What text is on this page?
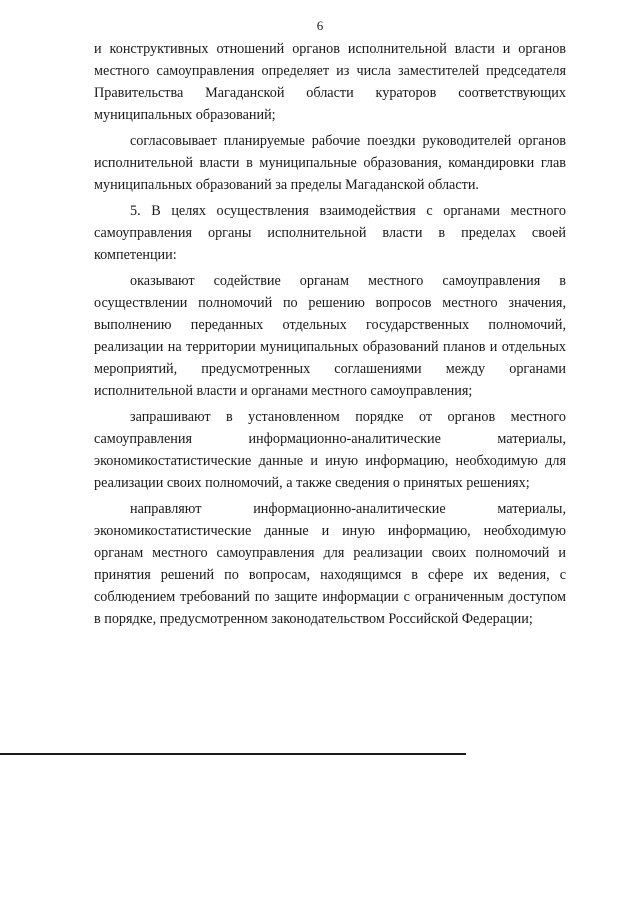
6

и конструктивных отношений органов исполнительной власти и органов местного самоуправления определяет из числа заместителей председателя Правительства Магаданской области кураторов соответствующих муниципальных образований;

согласовывает планируемые рабочие поездки руководителей органов исполнительной власти в муниципальные образования, командировки глав муниципальных образований за пределы Магаданской области.

5. В целях осуществления взаимодействия с органами местного самоуправления органы исполнительной власти в пределах своей компетенции:

оказывают содействие органам местного самоуправления в осуществлении полномочий по решению вопросов местного значения, выполнению переданных отдельных государственных полномочий, реализации на территории муниципальных образований планов и отдельных мероприятий, предусмотренных соглашениями между органами исполнительной власти и органами местного самоуправления;

запрашивают в установленном порядке от органов местного самоуправления информационно-аналитические материалы, экономикостатистические данные и иную информацию, необходимую для реализации своих полномочий, а также сведения о принятых решениях;

направляют информационно-аналитические материалы, экономикостатистические данные и иную информацию, необходимую органам местного самоуправления для реализации своих полномочий и принятия решений по вопросам, находящимся в сфере их ведения, с соблюдением требований по защите информации с ограниченным доступом в порядке, предусмотренном законодательством Российской Федерации;
